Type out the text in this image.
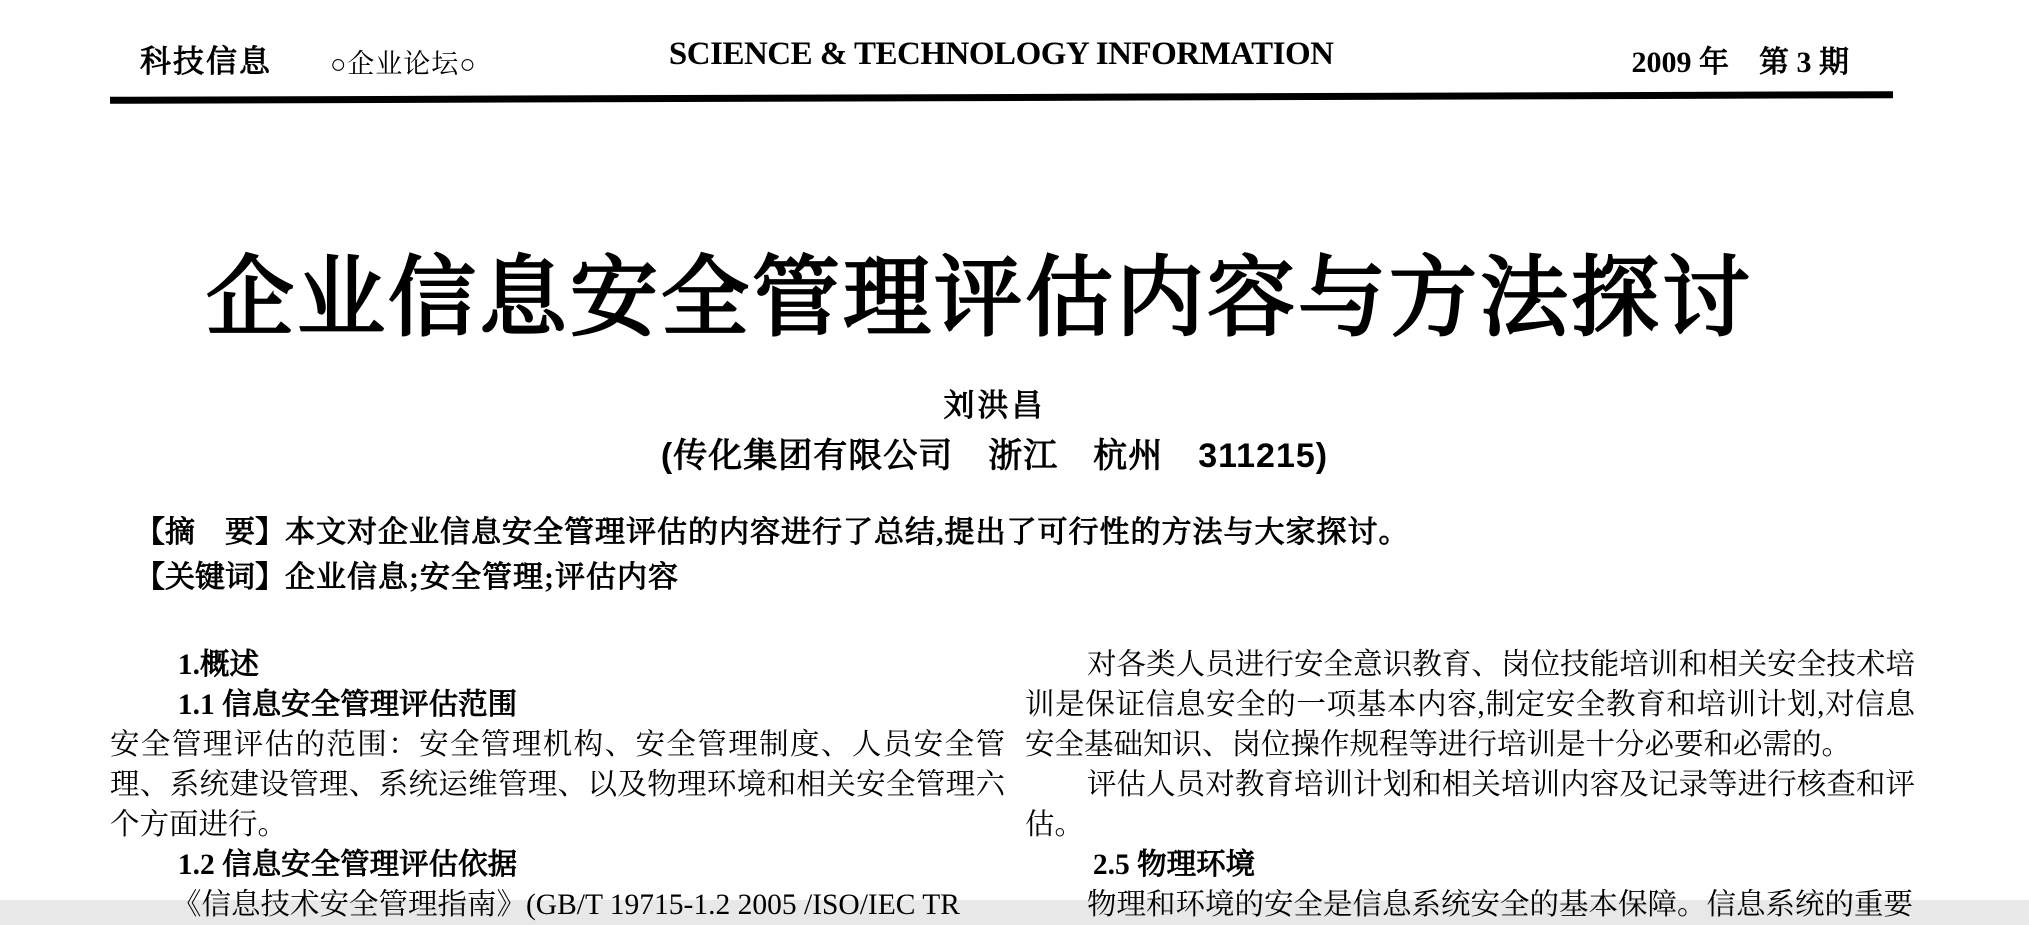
科技信息 ○企业论坛○	SCIENCE & TECHNOLOGY INFORMATION	2009 年　第 3 期
企业信息安全管理评估内容与方法探讨
刘洪昌
(传化集团有限公司　浙江　杭州　311215)
【摘　要】本文对企业信息安全管理评估的内容进行了总结,提出了可行性的方法与大家探讨。
【关键词】企业信息;安全管理;评估内容
1.概述
1.1 信息安全管理评估范围
安全管理评估的范围：安全管理机构、安全管理制度、人员安全管理、系统建设管理、系统运维管理、以及物理环境和相关安全管理六个方面进行。
1.2 信息安全管理评估依据
《信息技术安全管理指南》(GB/T 19715-1.2 2005 /ISO/IEC TR
对各类人员进行安全意识教育、岗位技能培训和相关安全技术培训是保证信息安全的一项基本内容,制定安全教育和培训计划,对信息安全基础知识、岗位操作规程等进行培训是十分必要和必需的。
评估人员对教育培训计划和相关培训内容及记录等进行核查和评估。
2.5 物理环境
物理和环境的安全是信息系统安全的基本保障。信息系统的重要
